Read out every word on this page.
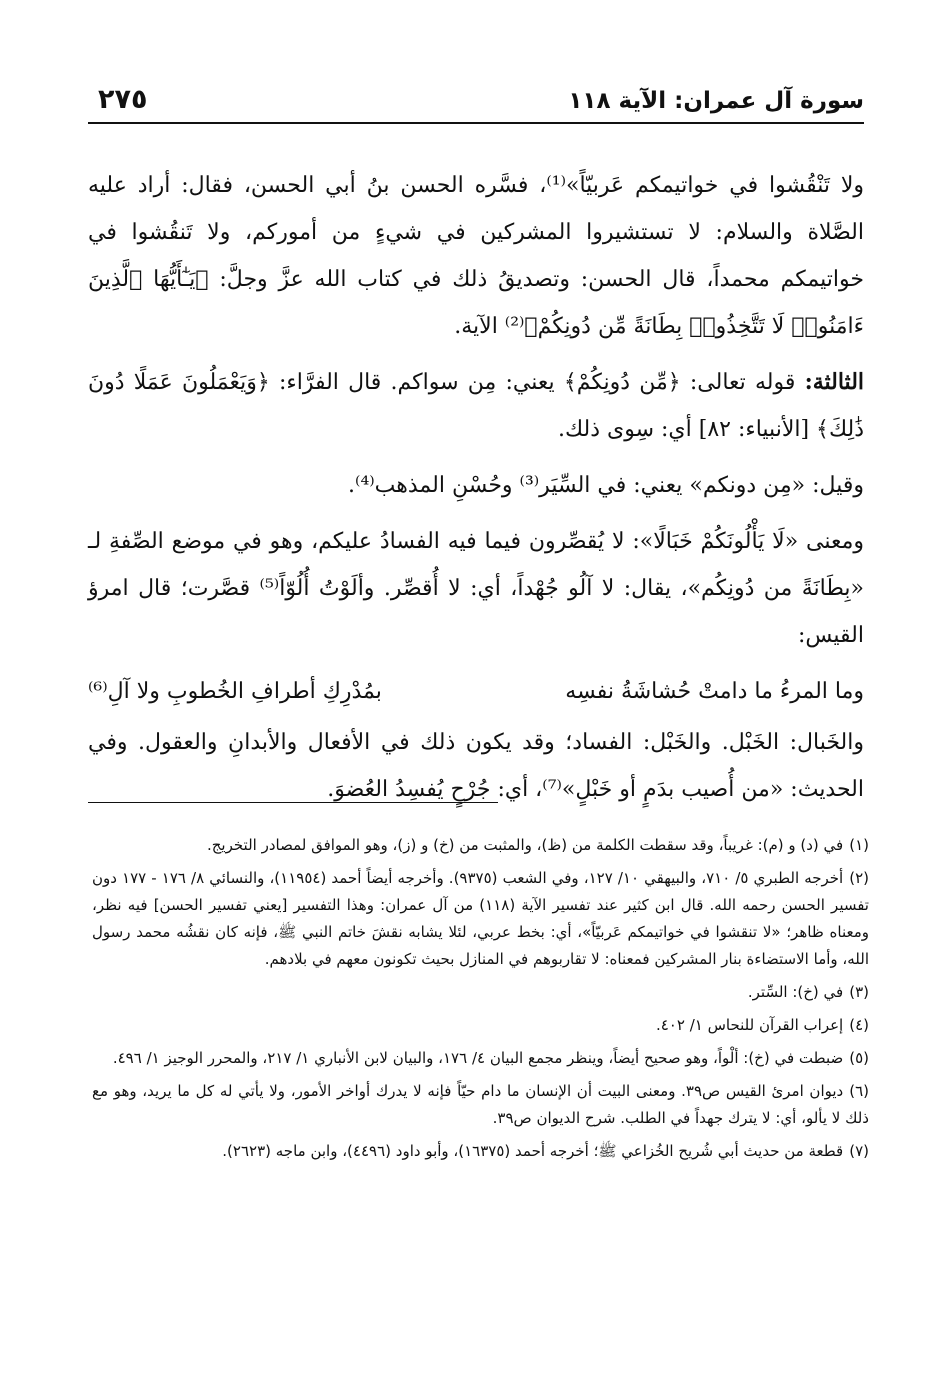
سورة آل عمران: الآية ١١٨
٢٧٥

ولا تَنْقُشوا في خواتيمكم عَربيّاً»⁽¹⁾، فسَّره الحسن بنُ أبي الحسن، فقال: أراد عليه الصَّلاة والسلام: لا تستشيروا المشركين في شيءٍ من أموركم، ولا تَنقُشوا في خواتيمكم محمداً، قال الحسن: وتصديقُ ذلك في كتاب الله عزَّ وجلَّ: ﴿يَـٰٓأَيُّهَا ٱلَّذِينَ ءَامَنُوا۟ لَا تَتَّخِذُوا۟ بِطَانَةً مِّن دُونِكُمْ﴾⁽²⁾ الآية.

الثالثة: قوله تعالى: ﴿مِّن دُونِكُمْ﴾ يعني: مِن سواكم. قال الفرَّاء: ﴿وَيَعْمَلُونَ عَمَلًا دُونَ ذَٰلِكَ﴾ [الأنبياء: ٨٢] أي: سِوى ذلك.

وقيل: «مِن دونكم» يعني: في السِّيَر⁽³⁾ وحُسْنِ المذهب⁽⁴⁾.

ومعنى «لَا يَأْلُونَكُمْ خَبَالًا»: لا يُقصِّرون فيما فيه الفسادُ عليكم، وهو في موضع الصِّفةِ لـ «بِطَانَةً من دُونِكُم»، يقال: لا آلُو جُهْداً، أي: لا أُقصِّر. وألَوْتُ أُلُوّاً⁽⁵⁾ قصَّرت؛ قال امرؤ القيس:

وما المرءُ ما دامتْ حُشاشَةُ نفسِه
بمُدْرِكِ أطرافِ الخُطوبِ ولا آلِ⁽⁶⁾

والخَبال: الخَبْل. والخَبْل: الفساد؛ وقد يكون ذلك في الأفعال والأبدانِ والعقول. وفي الحديث: «من أُصيب بدَمٍ أو خَبْلٍ»⁽⁷⁾، أي: جُرْحٍ يُفسِدُ العُضوَ.

(١)في (د) و (م): غريباً، وقد سقطت الكلمة من (ظ)، والمثبت من (خ) و (ز)، وهو الموافق لمصادر التخريج.
(٢)أخرجه الطبري ٥/ ٧١٠، والبيهقي ١٠/ ١٢٧، وفي الشعب (٩٣٧٥). وأخرجه أيضاً أحمد (١١٩٥٤)، والنسائي ٨/ ١٧٦ - ١٧٧ دون تفسير الحسن رحمه الله. قال ابن كثير عند تفسير الآية (١١٨) من آل عمران: وهذا التفسير [يعني تفسير الحسن] فيه نظر، ومعناه ظاهر؛ «لا تنقشوا في خواتيمكم عَربيّاً»، أي: بخط عربي، لئلا يشابه نقشَ خاتم النبي ﷺ، فإنه كان نقشُه محمد رسول الله، وأما الاستضاءة بنار المشركين فمعناه: لا تقاربوهم في المنازل بحيث تكونون معهم في بلادهم.
(٣)في (خ): السِّتر.
(٤)إعراب القرآن للنحاس ١/ ٤٠٢.
(٥)ضبطت في (خ): ألْواً، وهو صحيح أيضاً، وينظر مجمع البيان ٤/ ١٧٦، والبيان لابن الأنباري ١/ ٢١٧، والمحرر الوجيز ١/ ٤٩٦.
(٦)ديوان امرئ القيس ص٣٩. ومعنى البيت أن الإنسان ما دام حيّاً فإنه لا يدرك أواخر الأمور، ولا يأتي له كل ما يريد، وهو مع ذلك لا يألو، أي: لا يترك جهداً في الطلب. شرح الديوان ص٣٩.
(٧)قطعة من حديث أبي شُريح الخُزاعي ﷺ؛ أخرجه أحمد (١٦٣٧٥)، وأبو داود (٤٤٩٦)، وابن ماجه (٢٦٢٣).
